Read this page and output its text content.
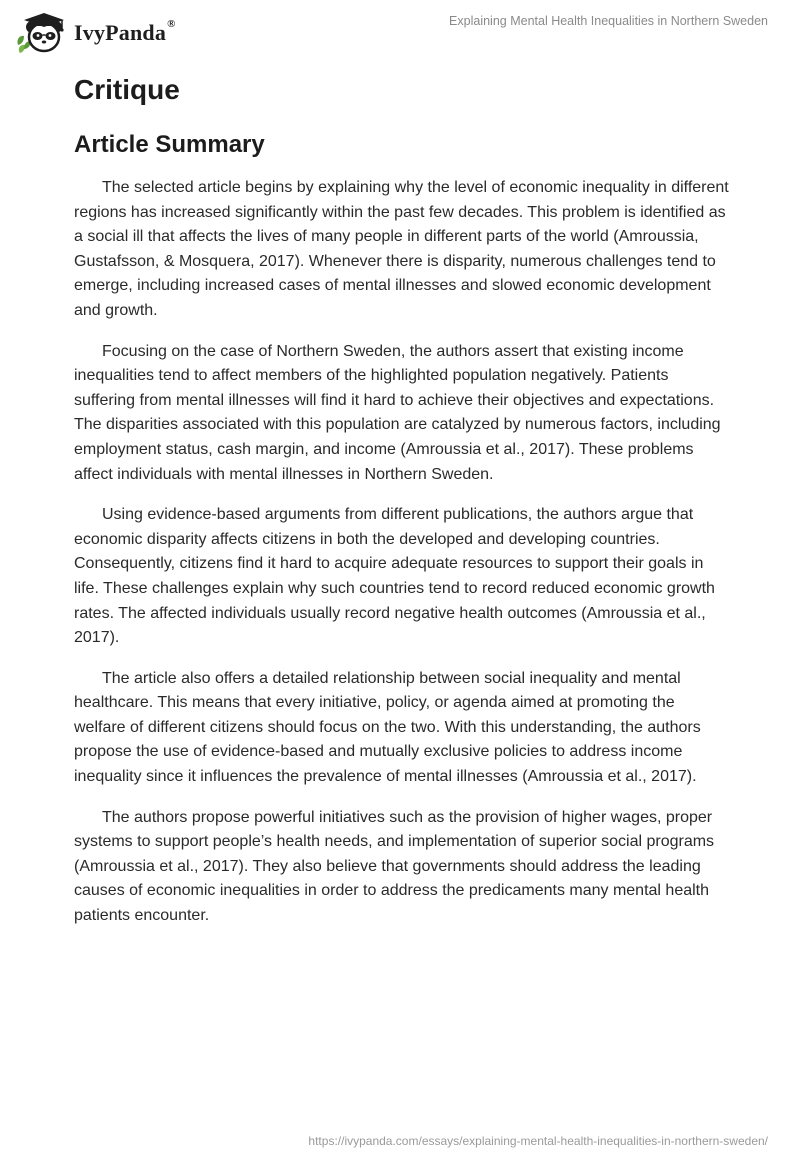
IvyPanda®	Explaining Mental Health Inequalities in Northern Sweden
Critique
Article Summary

The selected article begins by explaining why the level of economic inequality in different regions has increased significantly within the past few decades. This problem is identified as a social ill that affects the lives of many people in different parts of the world (Amroussia, Gustafsson, & Mosquera, 2017). Whenever there is disparity, numerous challenges tend to emerge, including increased cases of mental illnesses and slowed economic development and growth.

Focusing on the case of Northern Sweden, the authors assert that existing income inequalities tend to affect members of the highlighted population negatively. Patients suffering from mental illnesses will find it hard to achieve their objectives and expectations. The disparities associated with this population are catalyzed by numerous factors, including employment status, cash margin, and income (Amroussia et al., 2017). These problems affect individuals with mental illnesses in Northern Sweden.

Using evidence-based arguments from different publications, the authors argue that economic disparity affects citizens in both the developed and developing countries. Consequently, citizens find it hard to acquire adequate resources to support their goals in life. These challenges explain why such countries tend to record reduced economic growth rates. The affected individuals usually record negative health outcomes (Amroussia et al., 2017).

The article also offers a detailed relationship between social inequality and mental healthcare. This means that every initiative, policy, or agenda aimed at promoting the welfare of different citizens should focus on the two. With this understanding, the authors propose the use of evidence-based and mutually exclusive policies to address income inequality since it influences the prevalence of mental illnesses (Amroussia et al., 2017).

The authors propose powerful initiatives such as the provision of higher wages, proper systems to support people’s health needs, and implementation of superior social programs (Amroussia et al., 2017). They also believe that governments should address the leading causes of economic inequalities in order to address the predicaments many mental health patients encounter.

https://ivypanda.com/essays/explaining-mental-health-inequalities-in-northern-sweden/
